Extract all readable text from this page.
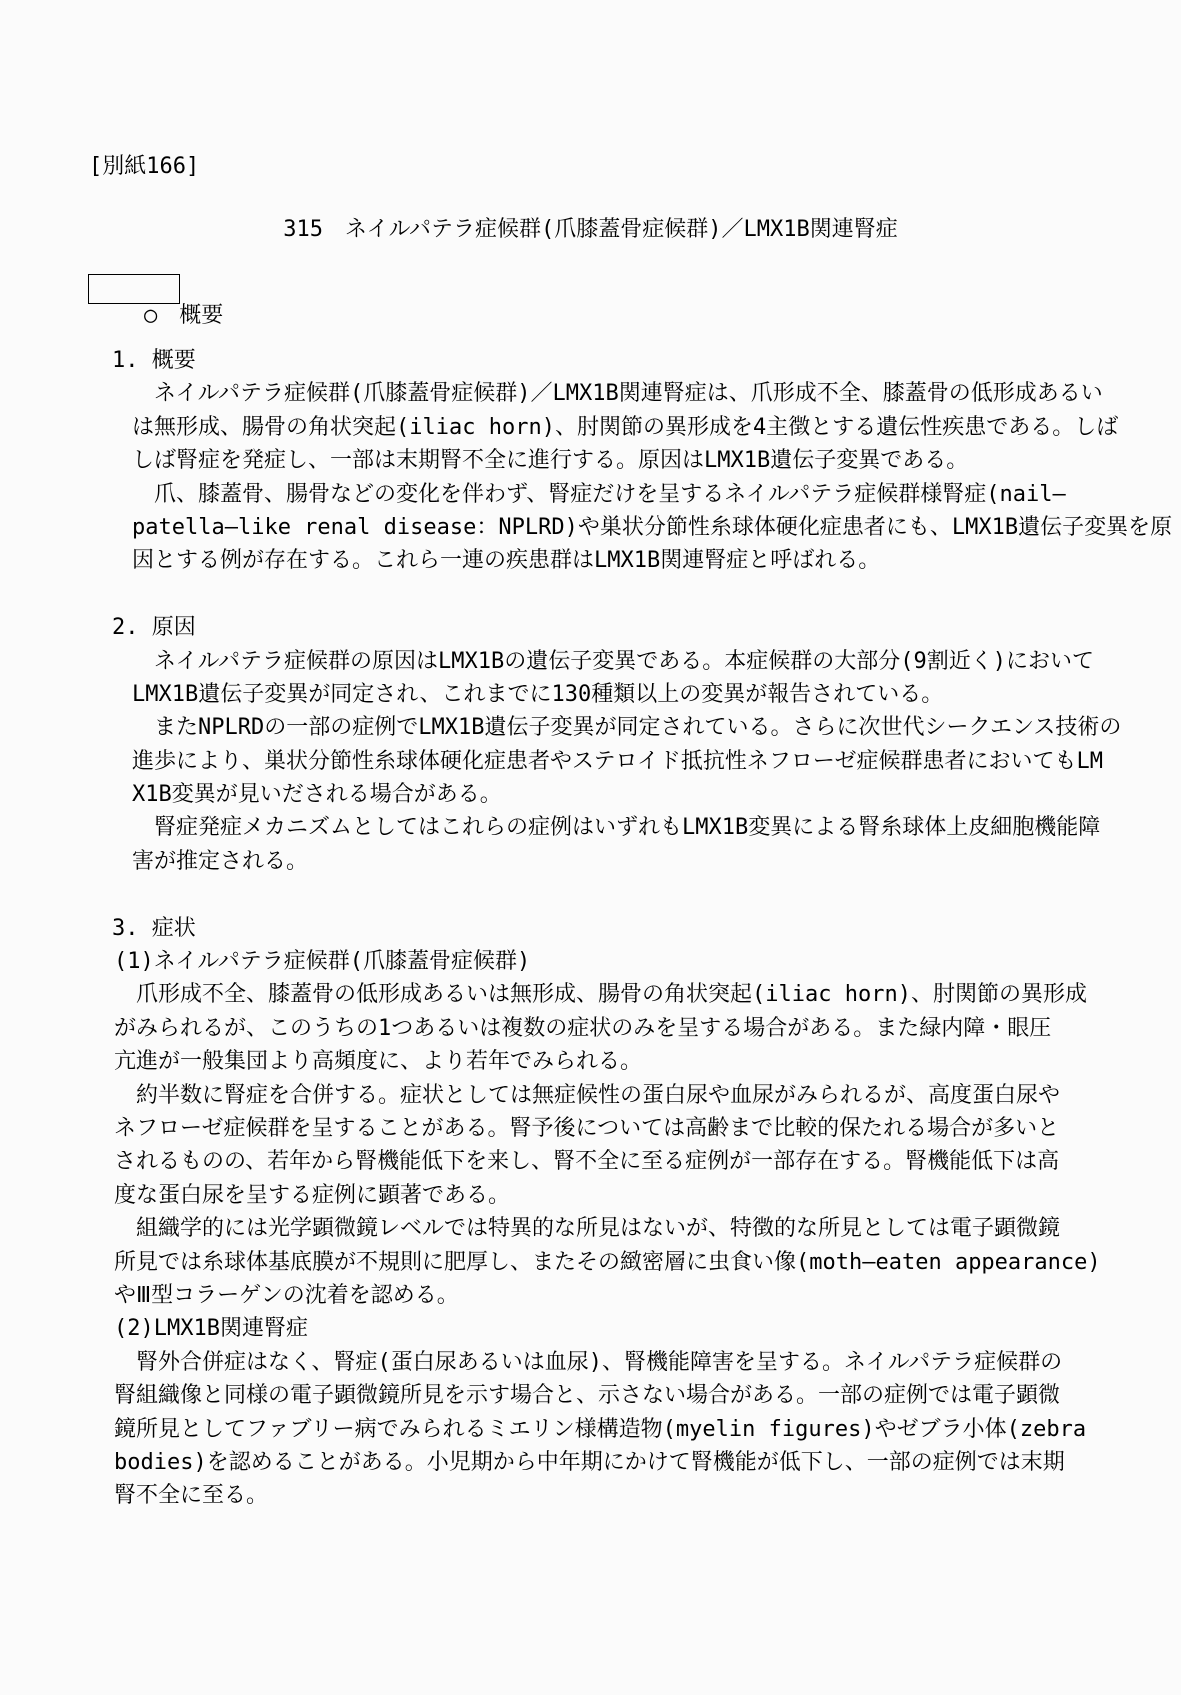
[別紙166]
315　ネイルパテラ症候群(爪膝蓋骨症候群)／LMX1B関連腎症

○　概要

1. 概要
　ネイルパテラ症候群(爪膝蓋骨症候群)／LMX1B関連腎症は、爪形成不全、膝蓋骨の低形成あるい
は無形成、腸骨の角状突起(iliac horn)、肘関節の異形成を4主徴とする遺伝性疾患である。しば
しば腎症を発症し、一部は末期腎不全に進行する。原因はLMX1B遺伝子変異である。
　爪、膝蓋骨、腸骨などの変化を伴わず、腎症だけを呈するネイルパテラ症候群様腎症(nail—
patella—like renal disease：NPLRD)や巣状分節性糸球体硬化症患者にも、LMX1B遺伝子変異を原
因とする例が存在する。これら一連の疾患群はLMX1B関連腎症と呼ばれる。
2. 原因
　ネイルパテラ症候群の原因はLMX1Bの遺伝子変異である。本症候群の大部分(9割近く)において
LMX1B遺伝子変異が同定され、これまでに130種類以上の変異が報告されている。
　またNPLRDの一部の症例でLMX1B遺伝子変異が同定されている。さらに次世代シークエンス技術の
進歩により、巣状分節性糸球体硬化症患者やステロイド抵抗性ネフローゼ症候群患者においてもLM
X1B変異が見いだされる場合がある。
　腎症発症メカニズムとしてはこれらの症例はいずれもLMX1B変異による腎糸球体上皮細胞機能障
害が推定される。
3. 症状
(1)ネイルパテラ症候群(爪膝蓋骨症候群)
　爪形成不全、膝蓋骨の低形成あるいは無形成、腸骨の角状突起(iliac horn)、肘関節の異形成
がみられるが、このうちの1つあるいは複数の症状のみを呈する場合がある。また緑内障・眼圧
亢進が一般集団より高頻度に、より若年でみられる。
　約半数に腎症を合併する。症状としては無症候性の蛋白尿や血尿がみられるが、高度蛋白尿や
ネフローゼ症候群を呈することがある。腎予後については高齢まで比較的保たれる場合が多いと
されるものの、若年から腎機能低下を来し、腎不全に至る症例が一部存在する。腎機能低下は高
度な蛋白尿を呈する症例に顕著である。
　組織学的には光学顕微鏡レベルでは特異的な所見はないが、特徴的な所見としては電子顕微鏡
所見では糸球体基底膜が不規則に肥厚し、またその緻密層に虫食い像(moth—eaten appearance)
やⅢ型コラーゲンの沈着を認める。
(2)LMX1B関連腎症
　腎外合併症はなく、腎症(蛋白尿あるいは血尿)、腎機能障害を呈する。ネイルパテラ症候群の
腎組織像と同様の電子顕微鏡所見を示す場合と、示さない場合がある。一部の症例では電子顕微
鏡所見としてファブリー病でみられるミエリン様構造物(myelin figures)やゼブラ小体(zebra
bodies)を認めることがある。小児期から中年期にかけて腎機能が低下し、一部の症例では末期
腎不全に至る。
